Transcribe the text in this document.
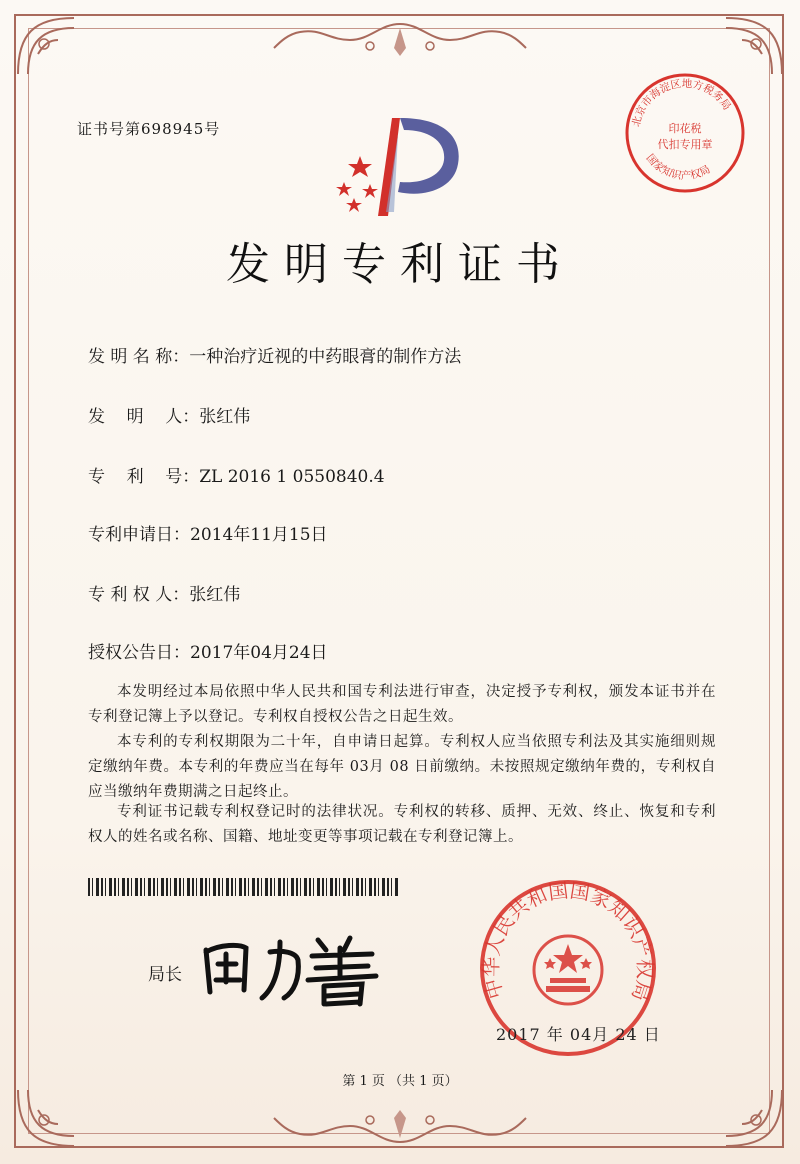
证书号第698945号	北京市海淀区地方税务局
国家知识产权局
印花税
代扣专用章
发明专利证书
发 明 名 称：一种治疗近视的中药眼膏的制作方法
发    明    人：张红伟
专    利    号：ZL 2016 1 0550840.4
专利申请日：2014年11月15日
专 利 权 人：张红伟
授权公告日：2017年04月24日
本发明经过本局依照中华人民共和国专利法进行审查，决定授予专利权，颁发本证书并在专利登记簿上予以登记。专利权自授权公告之日起生效。
本专利的专利权期限为二十年，自申请日起算。专利权人应当依照专利法及其实施细则规定缴纳年费。本专利的年费应当在每年 03月 08 日前缴纳。未按照规定缴纳年费的，专利权自应当缴纳年费期满之日起终止。
专利证书记载专利权登记时的法律状况。专利权的转移、质押、无效、终止、恢复和专利权人的姓名或名称、国籍、地址变更等事项记载在专利登记簿上。
局长
中华人民共和国国家知识产权局
2017 年 04月 24 日
第 1 页 （共 1 页）
